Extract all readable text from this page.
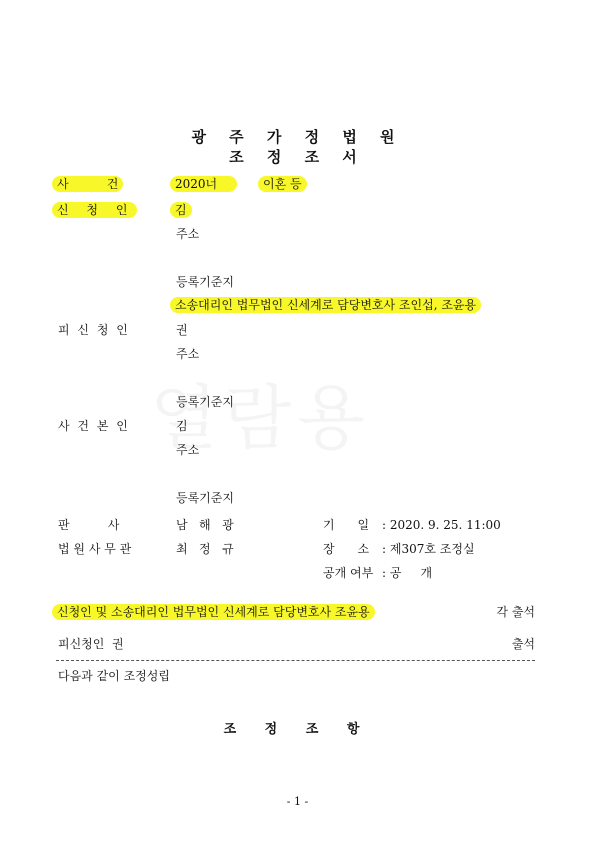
광 주 가 정 법 원
조 정 조 서
사          건	2020너	이혼 등
신 청 인	김
주소
등록기준지
소송대리인 법무법인 신세계로 담당변호사 조인섭, 조윤용
피 신 청 인	권
주소
등록기준지
사 건 본 인	김
주소
등록기준지
판          사	남   해   광
법 원 사 무 관	최   정   규
기      일 : 2020. 9. 25. 11:00
장      소 : 제307호 조정실
공개 여부 : 공     개
신청인 및 소송대리인 법무법인 신세계로 담당변호사 조윤용	각 출석
피신청인  권	출석
다음과 같이 조정성립
조 정 조 항
- 1 -
